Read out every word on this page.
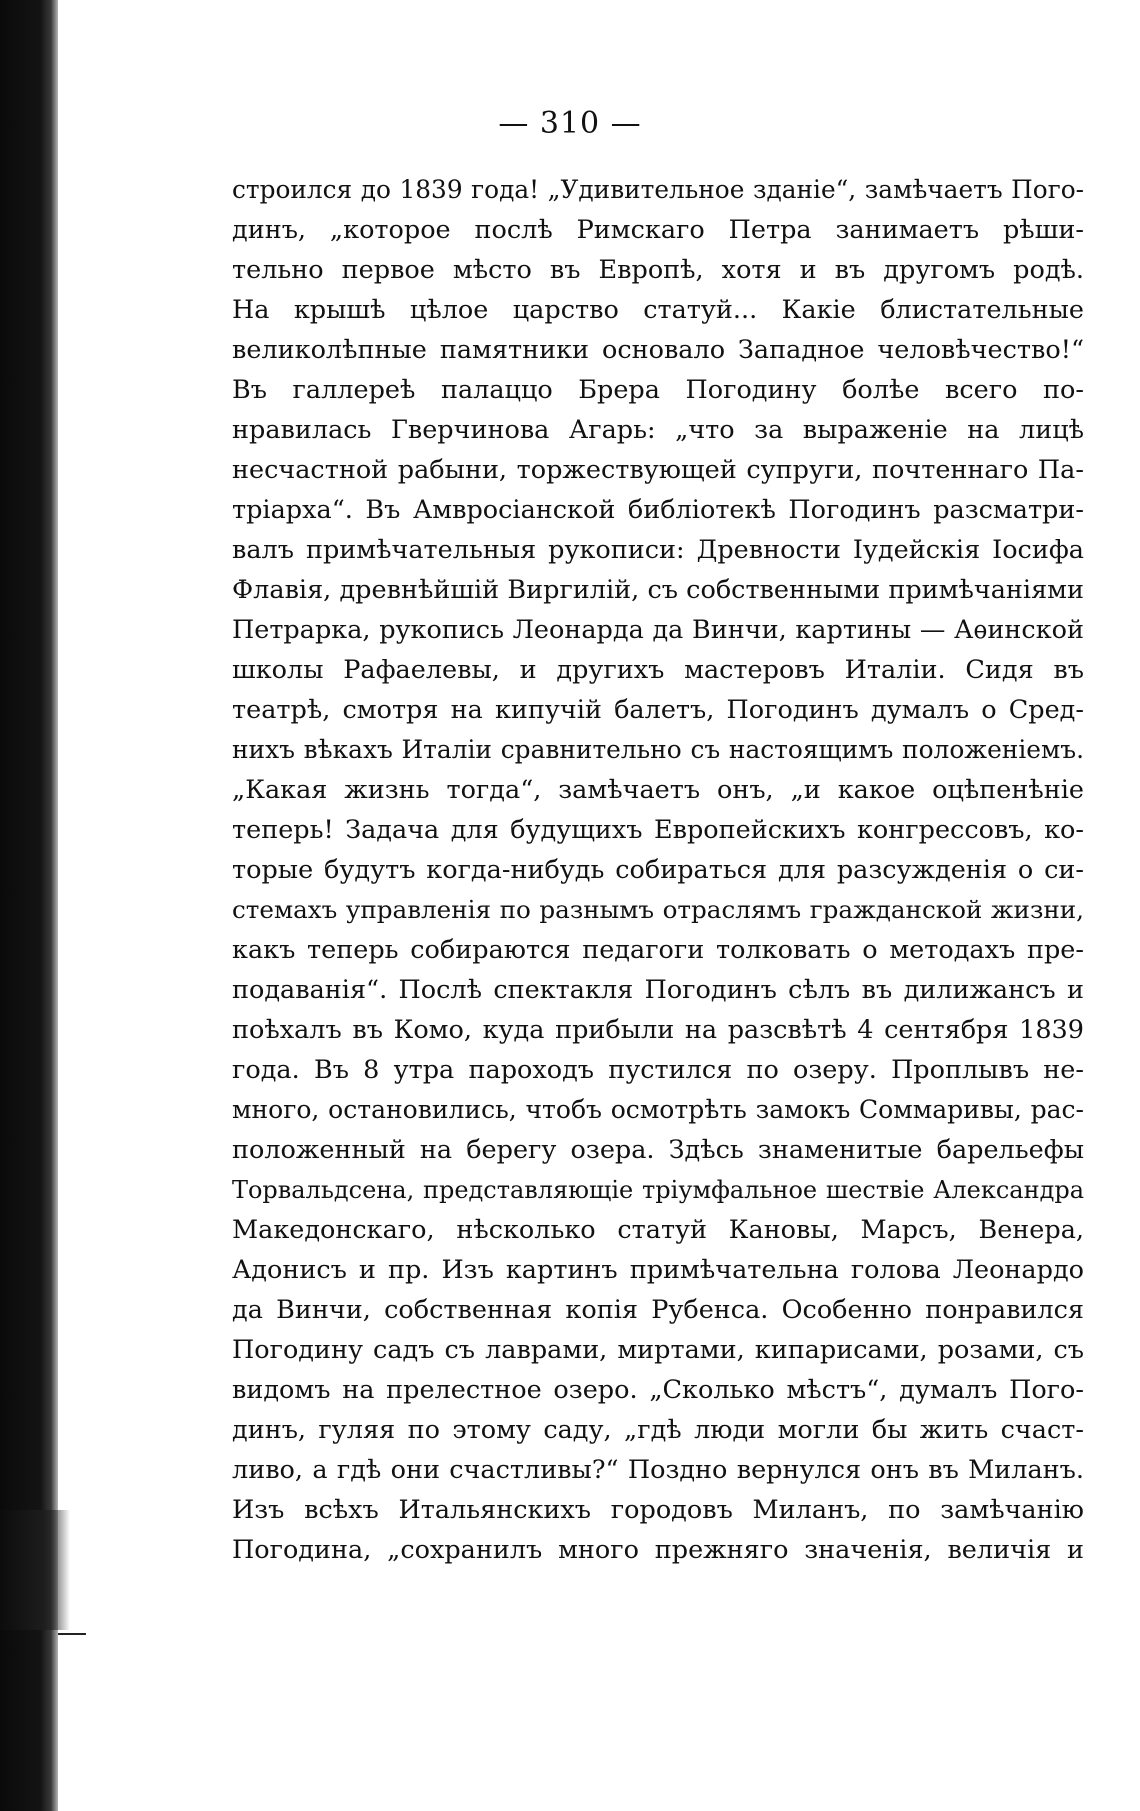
— 310 —
строился до 1839 года! „Удивительное зданіе“, замѣчаетъ Пого-
динъ, „которое послѣ Римскаго Петра занимаетъ рѣши-
тельно первое мѣсто въ Европѣ, хотя и въ другомъ родѣ.
На крышѣ цѣлое царство статуй... Какіе блистательные
великолѣпные памятники основало Западное человѣчество!“
Въ галлереѣ палаццо Брера Погодину болѣе всего по-
нравилась Гверчинова Агарь: „что за выраженіе на лицѣ
несчастной рабыни, торжествующей супруги, почтеннаго Па-
тріарха“. Въ Амвросіанской библіотекѣ Погодинъ разсматри-
валъ примѣчательныя рукописи: Древности Іудейскія Іосифа
Флавія, древнѣйшій Виргилій, съ собственными примѣчаніями
Петрарка, рукопись Леонарда да Винчи, картины — Аѳинской
школы Рафаелевы, и другихъ мастеровъ Италіи. Сидя въ
театрѣ, смотря на кипучій балетъ, Погодинъ думалъ о Сред-
нихъ вѣкахъ Италіи сравнительно съ настоящимъ положеніемъ.
„Какая жизнь тогда“, замѣчаетъ онъ, „и какое оцѣпенѣніе
теперь! Задача для будущихъ Европейскихъ конгрессовъ, ко-
торые будутъ когда-нибудь собираться для разсужденія о си-
стемахъ управленія по разнымъ отраслямъ гражданской жизни,
какъ теперь собираются педагоги толковать о методахъ пре-
подаванія“. Послѣ спектакля Погодинъ сѣлъ въ дилижансъ и
поѣхалъ въ Комо, куда прибыли на разсвѣтѣ 4 сентября 1839
года. Въ 8 утра пароходъ пустился по озеру. Проплывъ не-
много, остановились, чтобъ осмотрѣть замокъ Соммаривы, рас-
положенный на берегу озера. Здѣсь знаменитые барельефы
Торвальдсена, представляющіе тріумфальное шествіе Александра
Македонскаго, нѣсколько статуй Кановы, Марсъ, Венера,
Адонисъ и пр. Изъ картинъ примѣчательна голова Леонардо
да Винчи, собственная копія Рубенса. Особенно понравился
Погодину садъ съ лаврами, миртами, кипарисами, розами, съ
видомъ на прелестное озеро. „Сколько мѣстъ“, думалъ Пого-
динъ, гуляя по этому саду, „гдѣ люди могли бы жить счаст-
ливо, а гдѣ они счастливы?“ Поздно вернулся онъ въ Миланъ.
Изъ всѣхъ Итальянскихъ городовъ Миланъ, по замѣчанію
Погодина, „сохранилъ много прежняго значенія, величія и
